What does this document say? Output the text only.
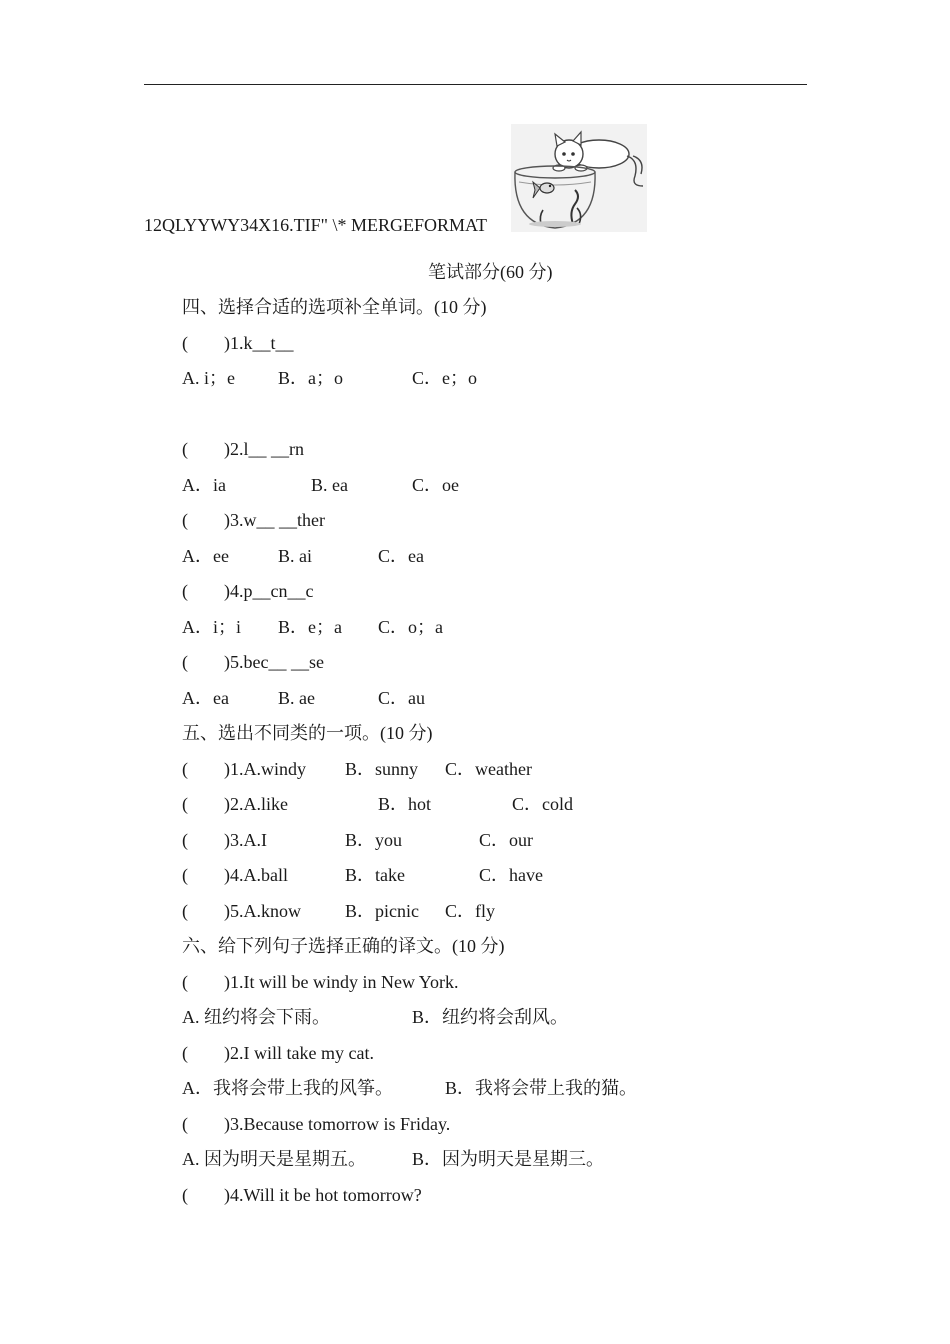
12QLYYWY34X16.TIF" \* MERGEFORMAT
笔试部分(60 分)
四、选择合适的选项补全单词。(10 分)
(        )1.k__t__
A. i；e B．a；o	C．e；o
(        )2.l__ __rn
A．ia	B. ea	C．oe
(        )3.w__ __ther
A．ee	B. ai	C．ea
(        )4.p__cn__c
A．i；i B．e；a C．o；a
(        )5.bec__ __se
A．ea	B. ae	C．au
五、选出不同类的一项。(10 分)
(        )1.A.windy B．sunny C．weather
(        )2.A.like	B．hot	C．cold
(        )3.A.I	B．you	C．our
(        )4.A.ball	B．take	C．have
(        )5.A.know B．picnic C．fly
六、给下列句子选择正确的译文。(10 分)
(        )1.It will be windy in New York.
A. 纽约将会下雨。	B．纽约将会刮风。
(        )2.I will take my cat.
A．我将会带上我的风筝。	B．我将会带上我的猫。
(        )3.Because tomorrow is Friday.
A. 因为明天是星期五。	B．因为明天是星期三。
(        )4.Will it be hot tomorrow?
